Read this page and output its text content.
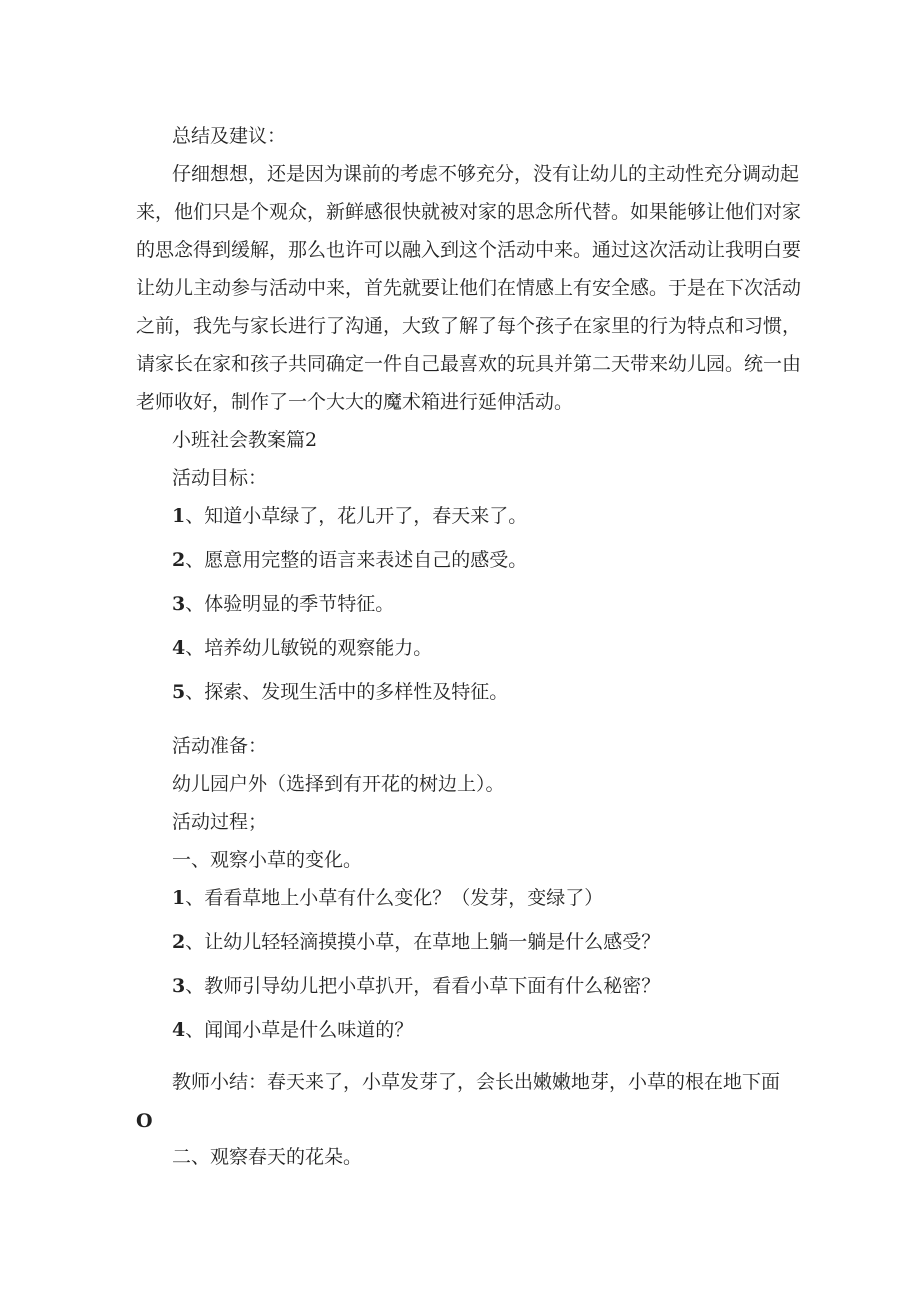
总结及建议：
仔细想想，还是因为课前的考虑不够充分，没有让幼儿的主动性充分调动起
来，他们只是个观众，新鲜感很快就被对家的思念所代替。如果能够让他们对家
的思念得到缓解，那么也许可以融入到这个活动中来。通过这次活动让我明白要
让幼儿主动参与活动中来，首先就要让他们在情感上有安全感。于是在下次活动
之前，我先与家长进行了沟通，大致了解了每个孩子在家里的行为特点和习惯，
请家长在家和孩子共同确定一件自己最喜欢的玩具并第二天带来幼儿园。统一由
老师收好，制作了一个大大的魔术箱进行延伸活动。
小班社会教案篇2
活动目标：
1、知道小草绿了，花儿开了，春天来了。
2、愿意用完整的语言来表述自己的感受。
3、体验明显的季节特征。
4、培养幼儿敏锐的观察能力。
5、探索、发现生活中的多样性及特征。
活动准备：
幼儿园户外（选择到有开花的树边上）。
活动过程；
一、观察小草的变化。
1、看看草地上小草有什么变化？（发芽，变绿了）
2、让幼儿轻轻滴摸摸小草，在草地上躺一躺是什么感受？
3、教师引导幼儿把小草扒开，看看小草下面有什么秘密？
4、闻闻小草是什么味道的？
教师小结：春天来了，小草发芽了，会长出嫩嫩地芽，小草的根在地下面
O
二、观察春天的花朵。
